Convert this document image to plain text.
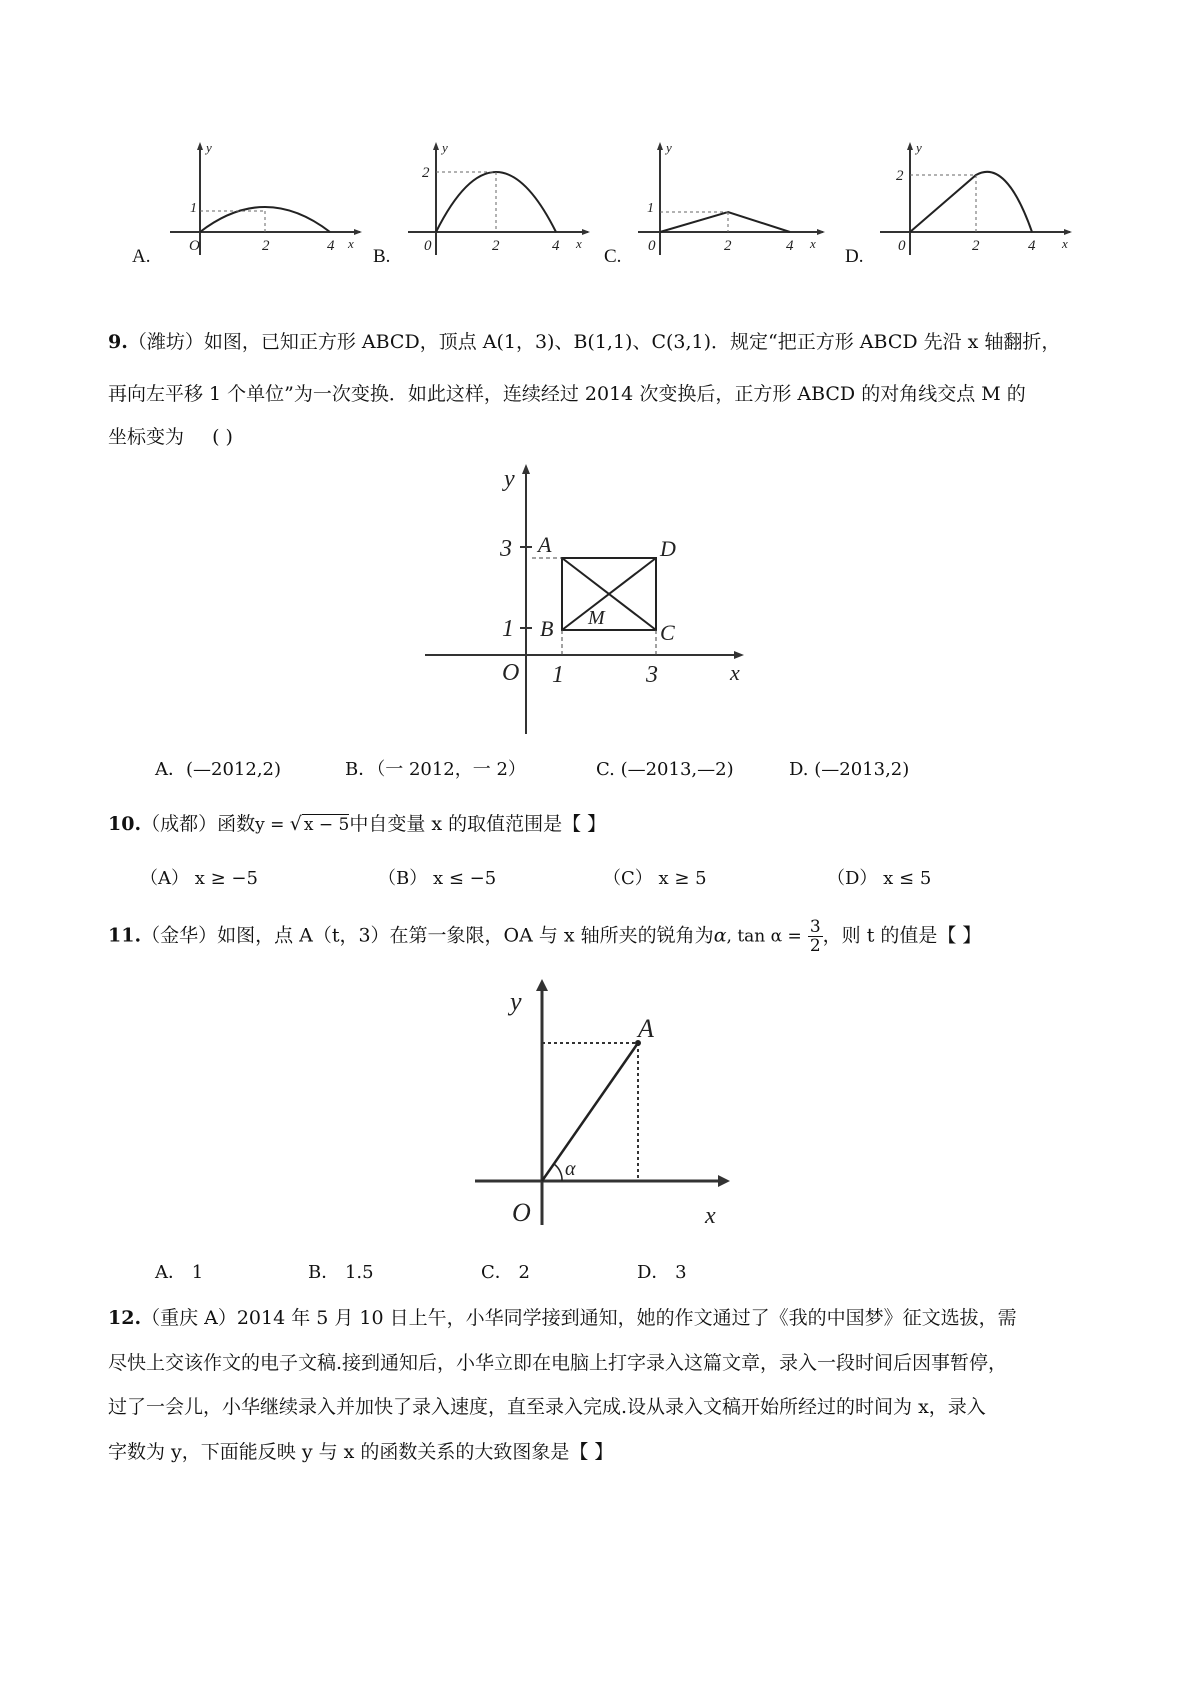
A.	O
1
2	4 x
y
B. 0
2
2	4 x
y
C. 0
1
2	4 x
y
D. 0
2
2	4 x
y
9.（潍坊）如图，已知正方形 ABCD，顶点 A(1，3)、B(1,1)、C(3,1)．规定“把正方形 ABCD 先沿 x 轴翻折，
再向左平移 1 个单位”为一次变换．如此这样，连续经过 2014 次变换后，正方形 ABCD 的对角线交点 M 的
坐标变为 ( )
y
x
O
3
1
1	3
A
B	C
D
M
A．(—2012,2)	B．（一 2012，一 2）	C. (—2013,—2)	D. (—2013,2)
10.（成都）函数y = √ x − 5中自变量 x 的取值范围是【 】
（A） x ≥ −5	（B） x ≤ −5	（C） x ≥ 5	（D） x ≤ 5
11.（金华）如图，点 A（t，3）在第一象限，OA 与 x 轴所夹的锐角为α, $\tan \alpha = \frac{3}{2}$ ，则 t 的值是【 】
y
x
O
A
α
A． 1	B． 1.5	C． 2	D． 3
12.（重庆 A）2014 年 5 月 10 日上午，小华同学接到通知，她的作文通过了《我的中国梦》征文选拔，需
尽快上交该作文的电子文稿.接到通知后，小华立即在电脑上打字录入这篇文章，录入一段时间后因事暂停，
过了一会儿，小华继续录入并加快了录入速度，直至录入完成.设从录入文稿开始所经过的时间为 x，录入
字数为 y，下面能反映 y 与 x 的函数关系的大致图象是【 】
